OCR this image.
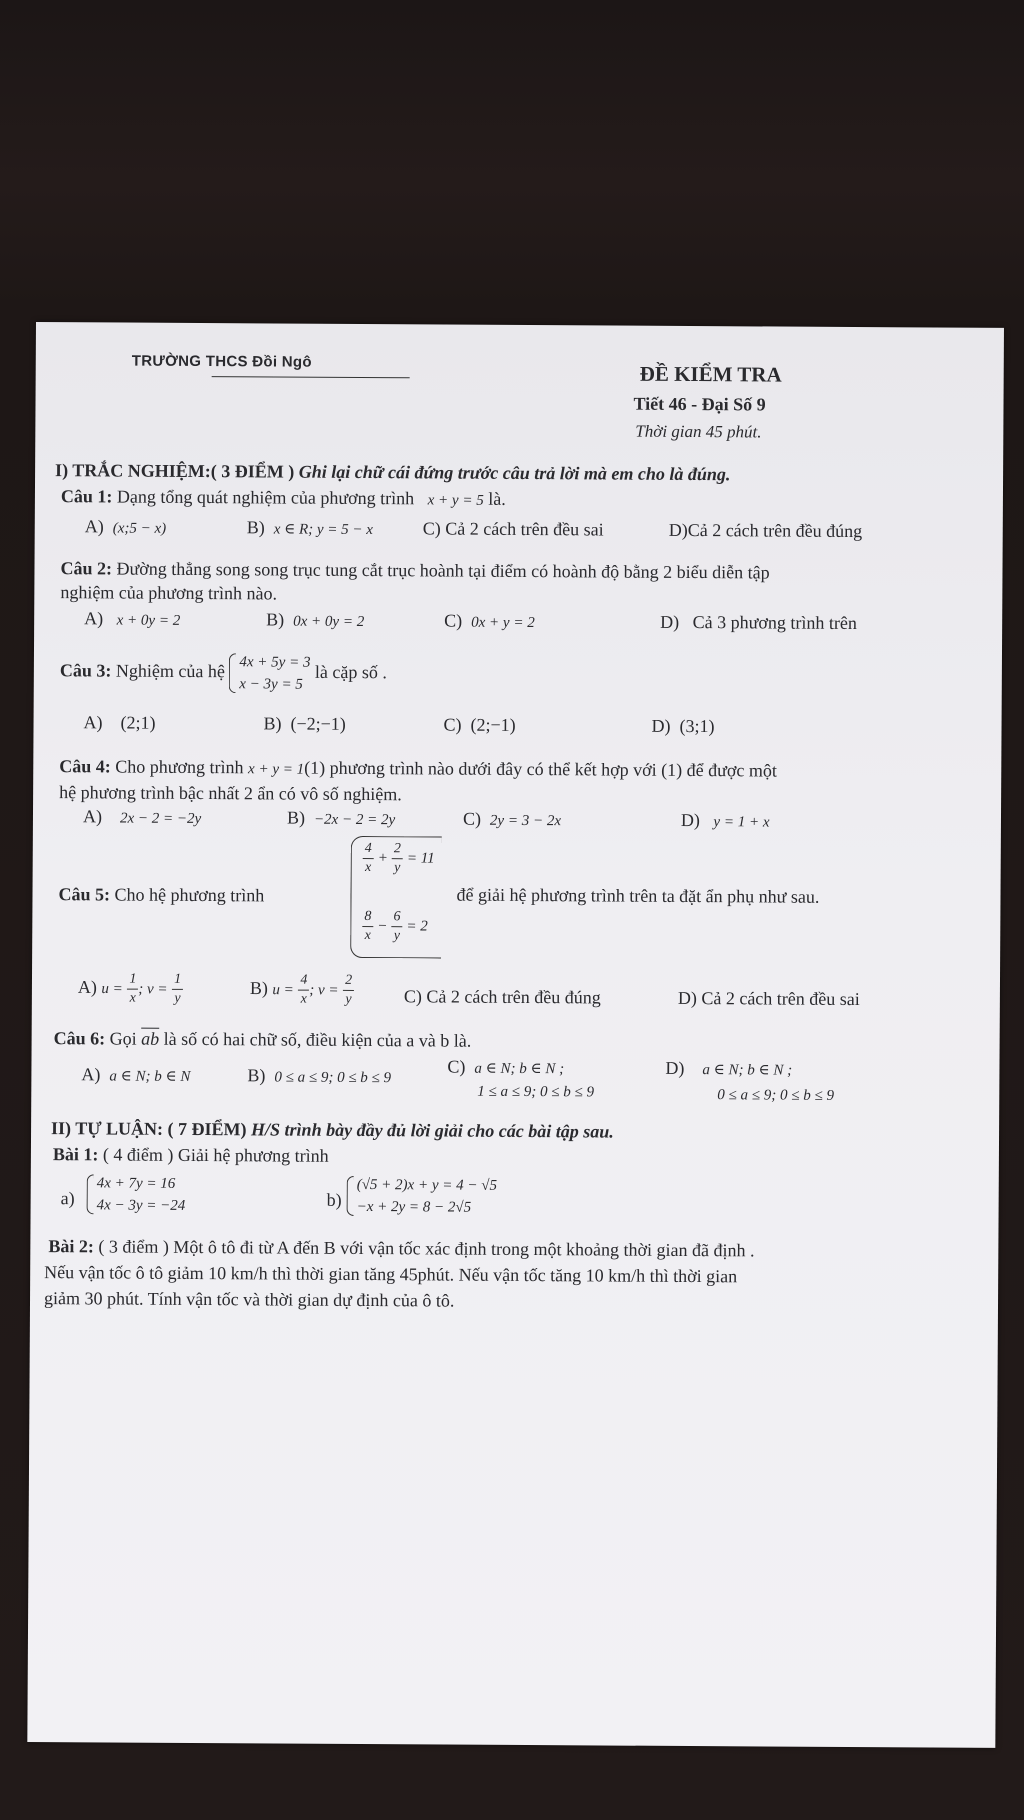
TRƯỜNG THCS Đồi Ngô
ĐỀ KIỂM TRA
Tiết 46 - Đại Số 9
Thời gian 45 phút.
I) TRẮC NGHIỆM:( 3 ĐIỂM ) Ghi lại chữ cái đứng trước câu trả lời mà em cho là đúng.
Câu 1: Dạng tổng quát nghiệm của phương trình x + y = 5 là.
A) (x;5 − x)	B) x ∈ R; y = 5 − x	C) Cả 2 cách trên đều sai	D)Cả 2 cách trên đều đúng
Câu 2: Đường thẳng song song trục tung cắt trục hoành tại điểm có hoành độ bằng 2 biểu diễn tập
nghiệm của phương trình nào.
A) x + 0y = 2	B) 0x + 0y = 2	C) 0x + y = 2	D) Cả 3 phương trình trên
Câu 3: Nghiệm của hệ 4x + 5y = 3
x − 3y = 5
là cặp số .
A) (2;1)	B) (−2;−1)	C) (2;−1)	D) (3;1)
Câu 4: Cho phương trình x + y = 1(1) phương trình nào dưới đây có thể kết hợp với (1) để được một
hệ phương trình bậc nhất 2 ẩn có vô số nghiệm.
A) 2x − 2 = −2y	B) −2x − 2 = 2y	C) 2y = 3 − 2x	D) y = 1 + x
Câu 5: Cho hệ phương trình
$\frac{4}{x} + \frac{2}{y} = 11$
$\frac{8}{x} - \frac{6}{y} = 2$
để giải hệ phương trình trên ta đặt ẩn phụ như sau.
A) $u = \frac{1}{x}$ ; $v = \frac{1}{y}$	B) $u = \frac{4}{x}$ ; $v = \frac{2}{y}$	C) Cả 2 cách trên đều đúng	D) Cả 2 cách trên đều sai
Câu 6: Gọi $\overline{ab}$ là số có hai chữ số, điều kiện của a và b là.
A) a ∈ N; b ∈ N	B) 0 ≤ a ≤ 9; 0 ≤ b ≤ 9
C) a ∈ N; b ∈ N ;
1 ≤ a ≤ 9; 0 ≤ b ≤ 9
D) a ∈ N; b ∈ N ;
0 ≤ a ≤ 9; 0 ≤ b ≤ 9
II) TỰ LUẬN: ( 7 ĐIỂM) H/S trình bày đầy đủ lời giải cho các bài tập sau.
Bài 1: ( 4 điểm ) Giải hệ phương trình
a)
4x + 7y = 16
4x − 3y = −24	b)
(√5 + 2)x + y = 4 − √5
−x + 2y = 8 − 2√5
Bài 2: ( 3 điểm ) Một ô tô đi từ A đến B với vận tốc xác định trong một khoảng thời gian đã định .
Nếu vận tốc ô tô giảm 10 km/h thì thời gian tăng 45phút. Nếu vận tốc tăng 10 km/h thì thời gian
giảm 30 phút. Tính vận tốc và thời gian dự định của ô tô.
